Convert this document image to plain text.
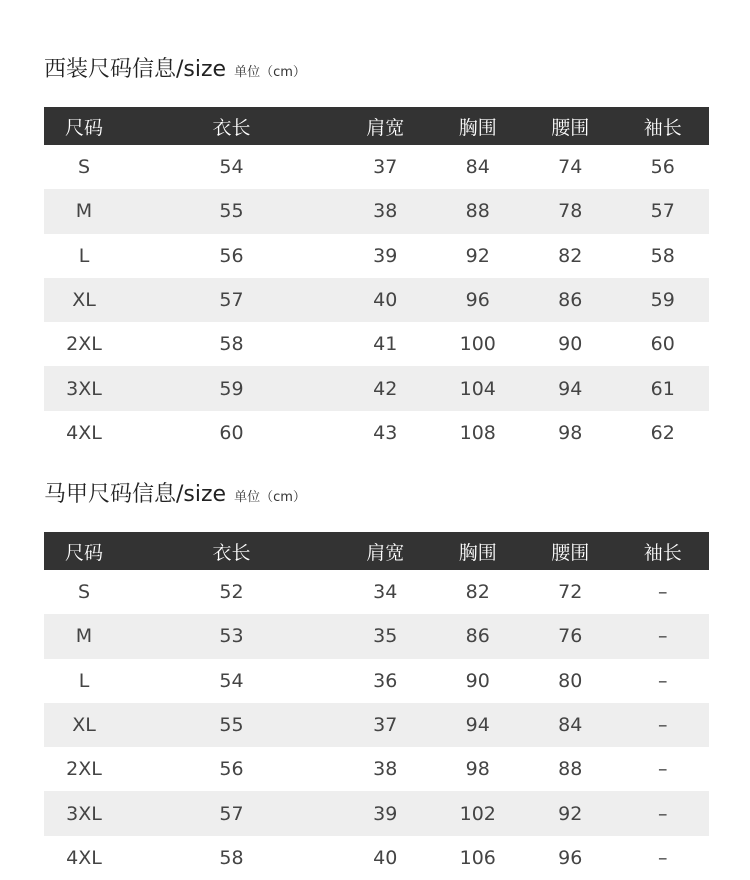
西装尺码信息/size 单位（cm）
尺码	衣长	肩宽	胸围	腰围	袖长
S	54	37	84	74	56
M	55	38	88	78	57
L	56	39	92	82	58
XL	57	40	96	86	59
2XL	58	41	100	90	60
3XL	59	42	104	94	61
4XL	60	43	108	98	62
马甲尺码信息/size 单位（cm）
尺码	衣长	肩宽	胸围	腰围	袖长
S	52	34	82	72	–
M	53	35	86	76	–
L	54	36	90	80	–
XL	55	37	94	84	–
2XL	56	38	98	88	–
3XL	57	39	102	92	–
4XL	58	40	106	96	–
